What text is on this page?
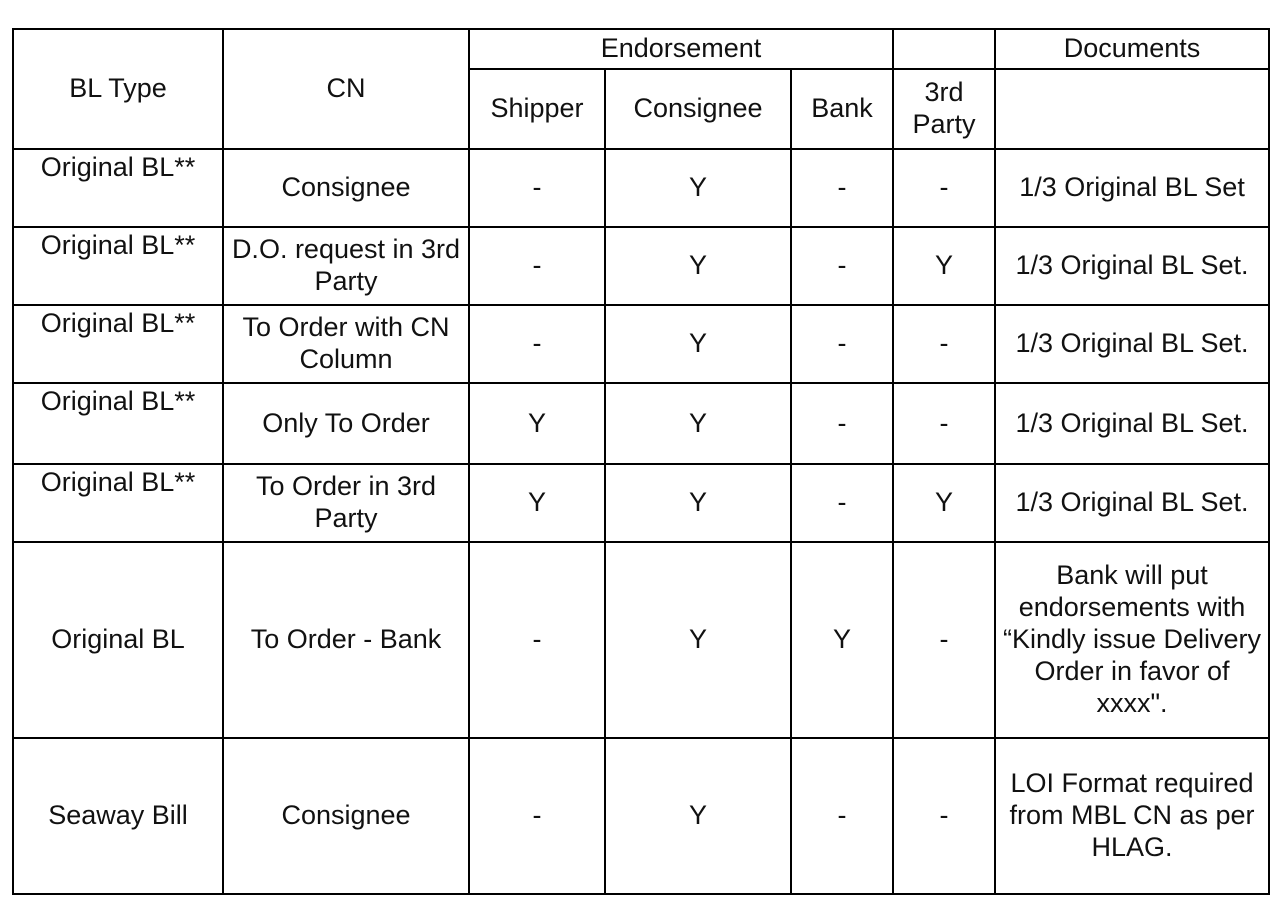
BL Type	CN	Endorsement				Documents
		Shipper	Consignee	Bank	3rd Party	
Original BL**	Consignee	-	Y	-	-	1/3 Original BL Set
Original BL**	D.O. request in 3rd Party	-	Y	-	Y	1/3 Original BL Set.
Original BL**	To Order with CN Column	-	Y	-	-	1/3 Original BL Set.
Original BL**	Only To Order	Y	Y	-	-	1/3 Original BL Set.
Original BL**	To Order in 3rd Party	Y	Y	-	Y	1/3 Original BL Set.
Original BL	To Order - Bank	-	Y	Y	-	Bank will put endorsements with “Kindly issue Delivery Order in favor of xxxx".
Seaway Bill	Consignee	-	Y	-	-	LOI Format required from MBL CN as per HLAG.
